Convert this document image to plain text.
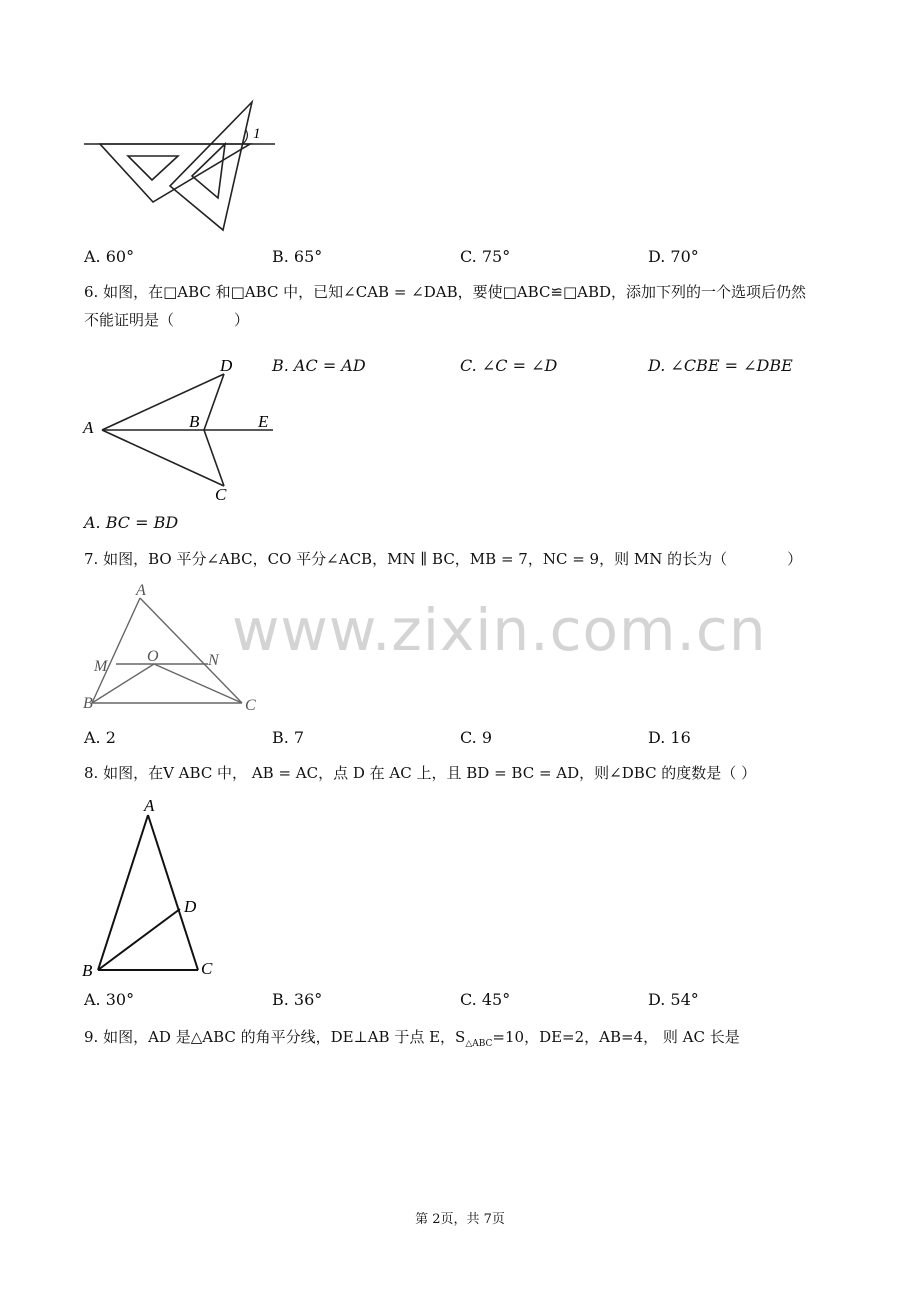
www.zixin.com.cn
1
A. 60°	B. 65°	C. 75°	D. 70°
6. 如图，在□ABC 和□ABC 中，已知∠CAB = ∠DAB，要使□ABC≌□ABD，添加下列的一个选项后仍然
不能证明是（　　　　）
A
D
B	E
C
B. AC = AD	C. ∠C = ∠D	D. ∠CBE = ∠DBE
A. BC = BD
7. 如图，BO 平分∠ABC，CO 平分∠ACB，MN ∥ BC，MB = 7，NC = 9，则 MN 的长为（　　　　）
A
M
O	N
B	C
A. 2	B. 7	C. 9	D. 16
8. 如图，在V ABC 中， AB = AC，点 D 在 AC 上，且 BD = BC = AD，则∠DBC 的度数是（ ）
A
D
B	C
A. 30°	B. 36°	C. 45°	D. 54°
9. 如图，AD 是△ABC 的角平分线，DE⊥AB 于点 E，$S_{\triangle ABC}=10$，DE=2，AB=4， 则 AC 长是
第 2页，共 7页
